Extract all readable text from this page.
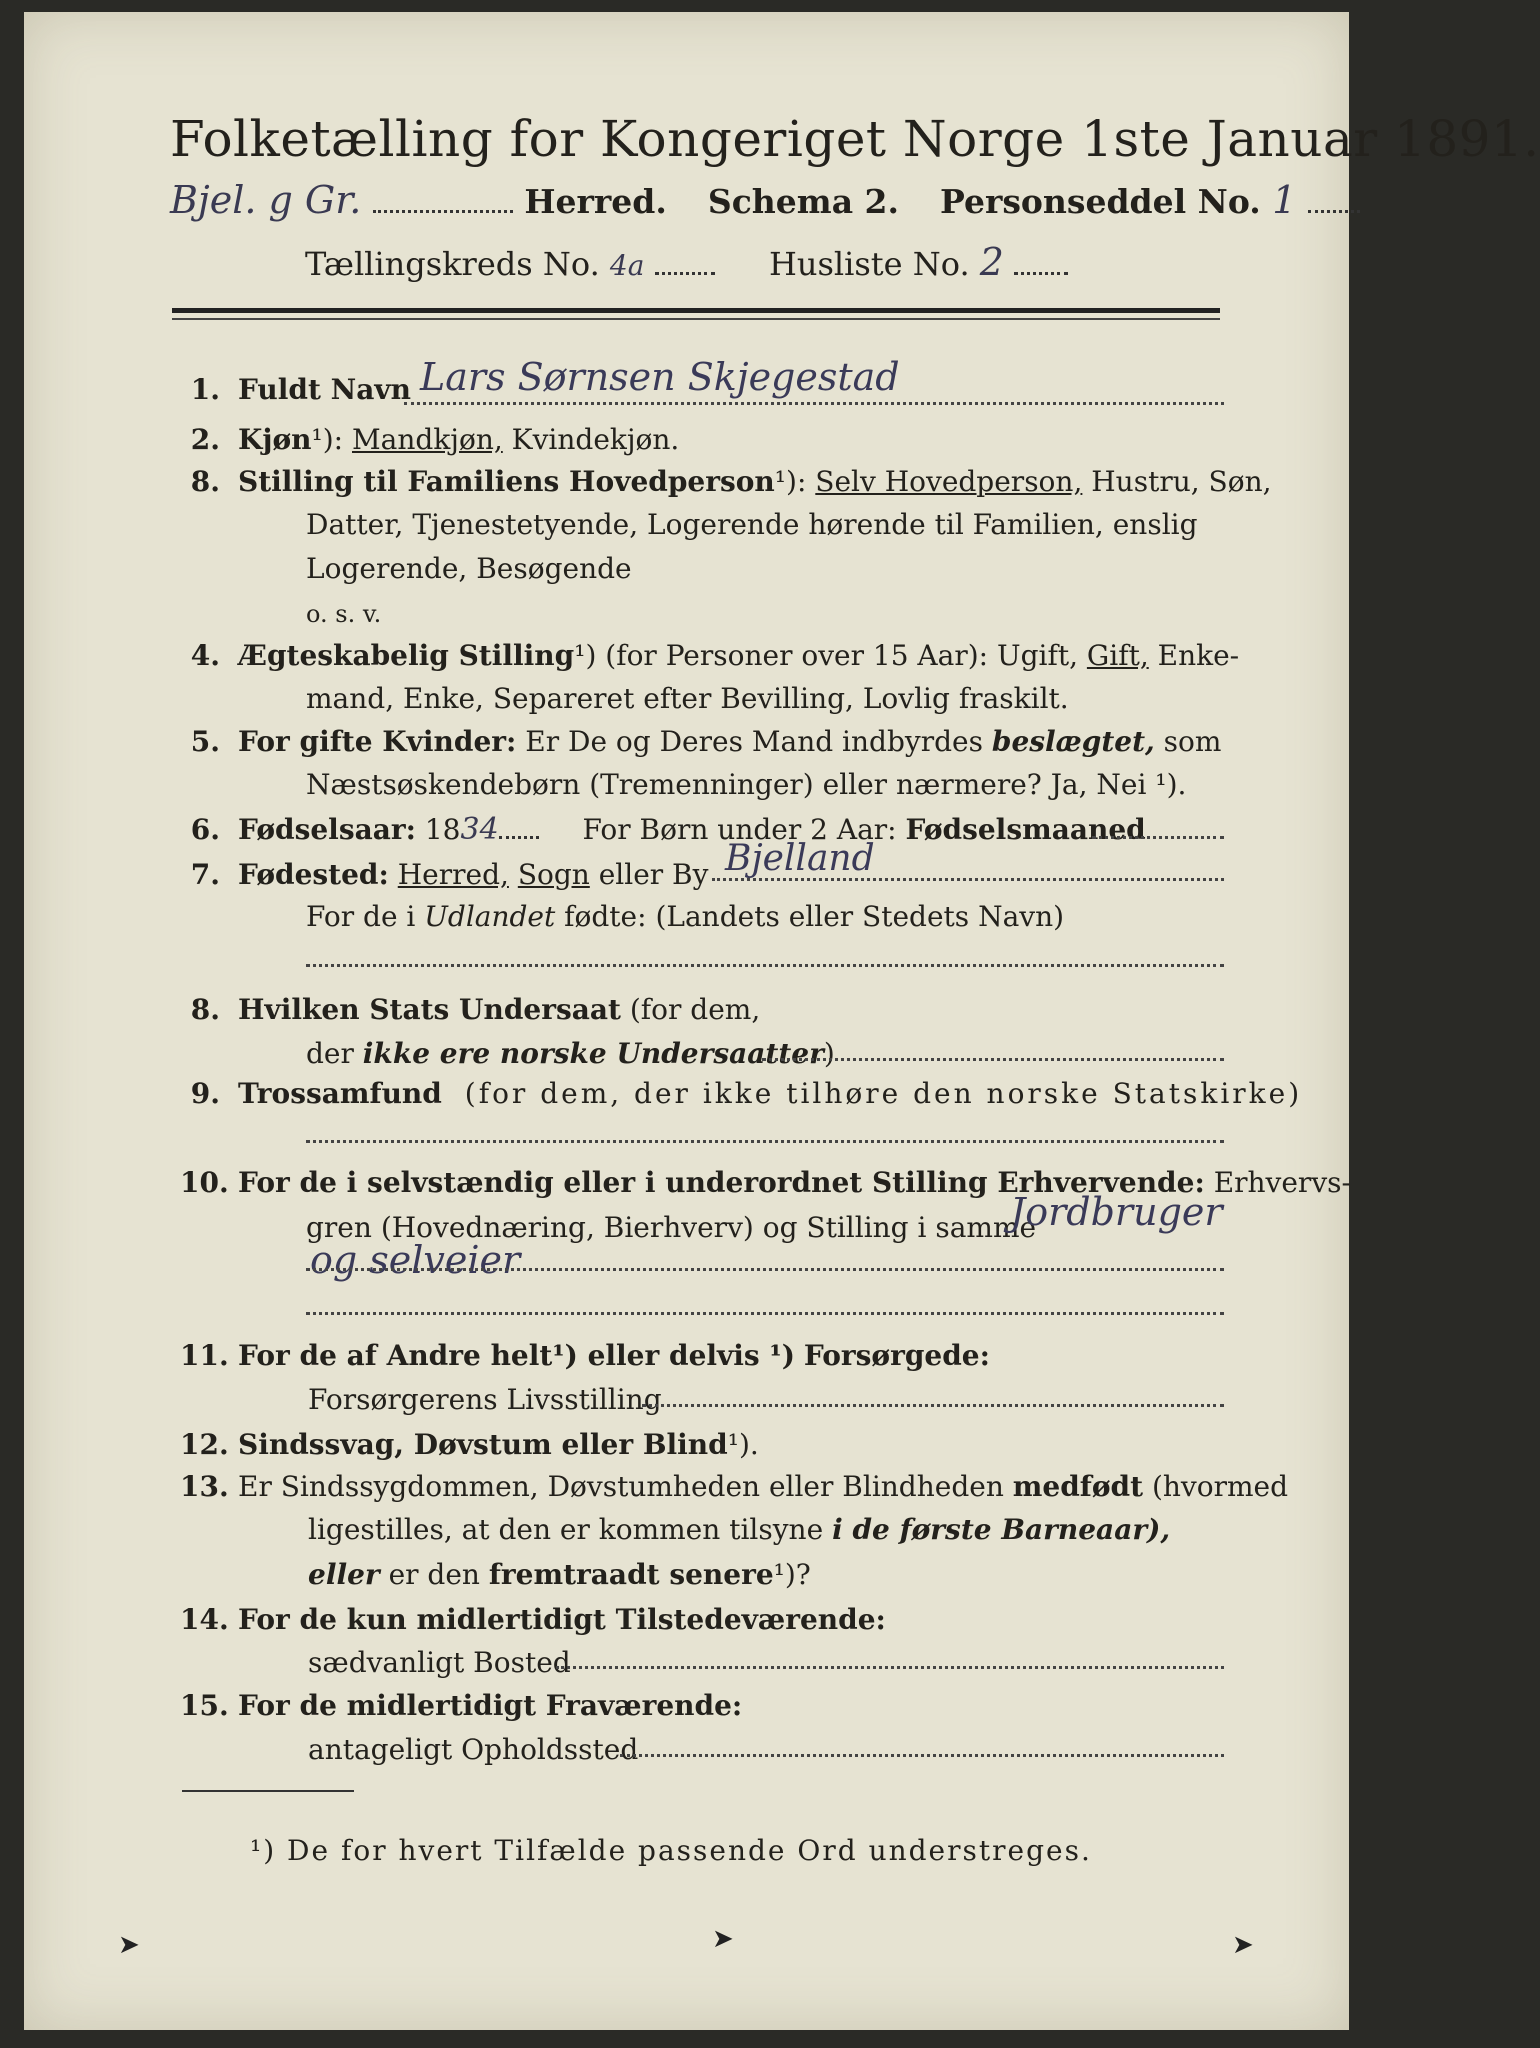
Folketælling for Kongeriget Norge 1ste Januar 1891.
Bjel. g Gr.	Herred. Schema 2. Personseddel No. 1
Tællingskreds No. 4a	Husliste No. 2
1. Fuldt Navn Lars Sørnsen Skjegestad
2. Kjøn¹): Mandkjøn, Kvindekjøn.
8. Stilling til Familiens Hovedperson¹): Selv Hovedperson, Hustru, Søn,
Datter, Tjenestetyende, Logerende hørende til Familien, enslig
Logerende, Besøgende
o. s. v.
4. Ægteskabelig Stilling¹) (for Personer over 15 Aar): Ugift, Gift, Enke-
mand, Enke, Separeret efter Bevilling, Lovlig fraskilt.
5. For gifte Kvinder: Er De og Deres Mand indbyrdes beslægtet, som
Næstsøskendebørn (Tremenninger) eller nærmere? Ja, Nei ¹).
6. Fødselsaar: 1834	For Børn under 2 Aar: Fødselsmaaned
7. Fødested: Herred, Sogn eller By Bjelland
For de i Udlandet fødte: (Landets eller Stedets Navn)
8. Hvilken Stats Undersaat (for dem,
der ikke ere norske Undersaatter)
9. Trossamfund (for dem, der ikke tilhøre den norske Statskirke)
10. For de i selvstændig eller i underordnet Stilling Erhvervende: Erhvervs-
gren (Hovednæring, Bierhverv) og Stilling i samme
Jordbruger
og selveier
11. For de af Andre helt¹) eller delvis ¹) Forsørgede:
Forsørgerens Livsstilling
12. Sindssvag, Døvstum eller Blind¹).
13. Er Sindssygdommen, Døvstumheden eller Blindheden medfødt (hvormed
ligestilles, at den er kommen tilsyne i de første Barneaar),
eller er den fremtraadt senere¹)?
14. For de kun midlertidigt Tilstedeværende:
sædvanligt Bosted
15. For de midlertidigt Fraværende:
antageligt Opholdssted
¹) De for hvert Tilfælde passende Ord understreges.
➤	➤	➤
